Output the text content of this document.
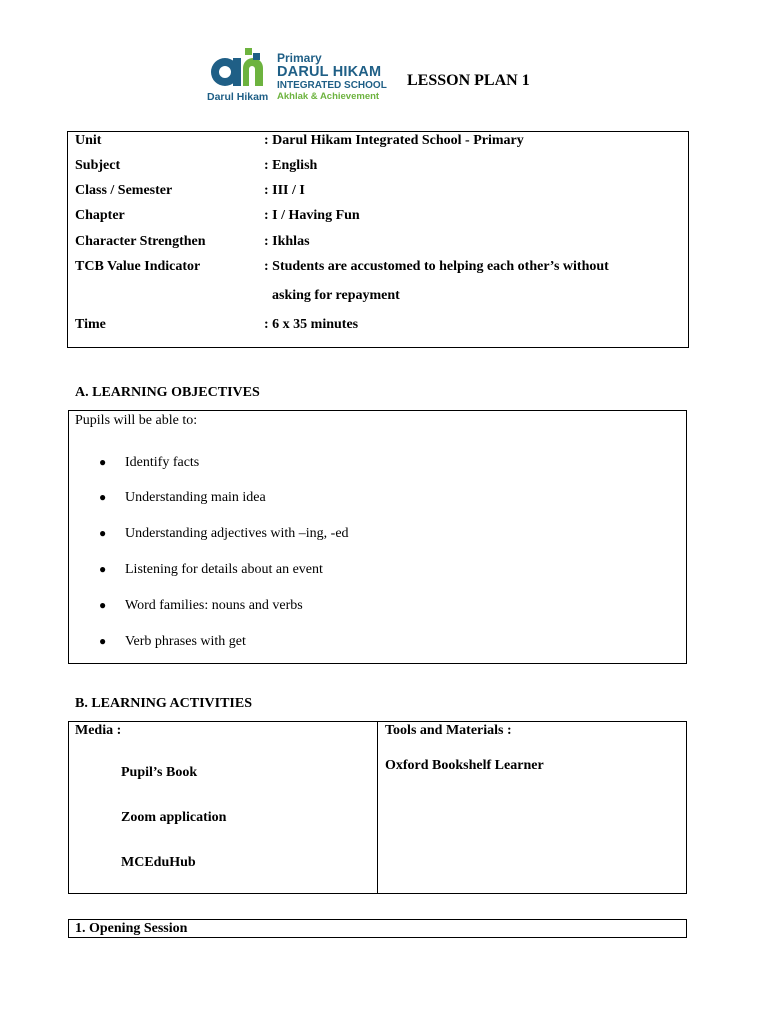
Primary
DARUL HIKAM
INTEGRATED SCHOOL
Akhlak & Achievement
Darul Hikam
LESSON PLAN 1
Unit	: Darul Hikam Integrated School - Primary
Subject	: English
Class / Semester	: III / I
Chapter	: I / Having Fun
Character Strengthen	: Ikhlas
TCB Value Indicator	: Students are accustomed to helping each other’s without
asking for repayment
Time	: 6 x 35 minutes
A. LEARNING OBJECTIVES
Pupils will be able to:
● Identify facts
● Understanding main idea
● Understanding adjectives with –ing, -ed
● Listening for details about an event
● Word families: nouns and verbs
● Verb phrases with get
B. LEARNING ACTIVITIES
Media :
Pupil’s Book
Zoom application
MCEduHub
Tools and Materials :
Oxford Bookshelf Learner
1. Opening Session
